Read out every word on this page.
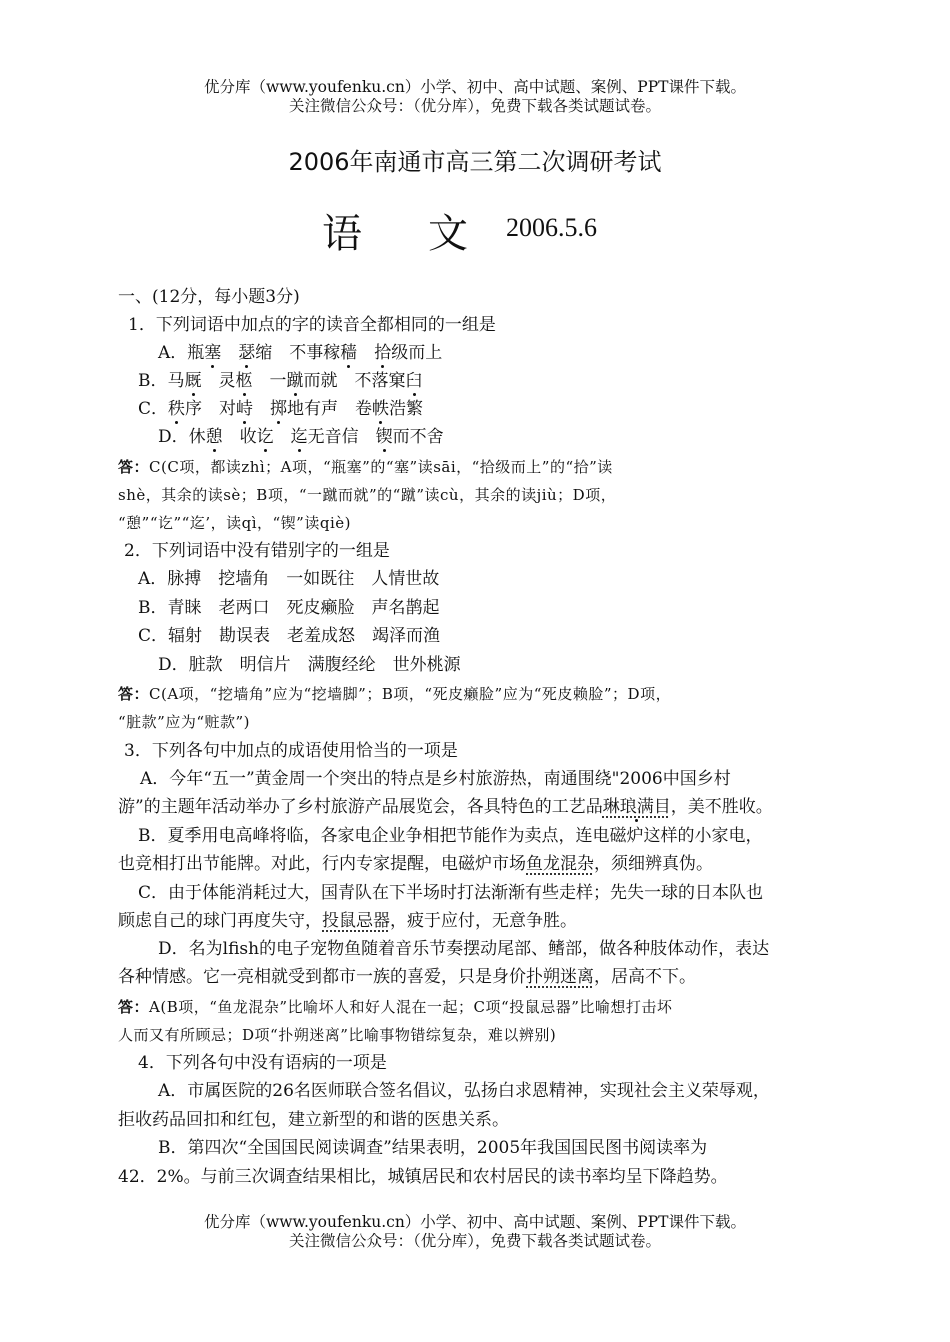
优分库（www.youfenku.cn）小学、初中、高中试题、案例、PPT课件下载。
关注微信公众号：（优分库），免费下载各类试题试卷。
2006年南通市高三第二次调研考试
语 文 2006.5.6
一、(12分，每小题3分)
1．下列词语中加点的字的读音全都相同的一组是
A．瓶塞　 瑟缩　不事稼穑　 拾级而上
B．马厩　灵柩　一蹴而就　不落窠臼
C．秩序　对峙　 掷地有声　卷帙浩繁
D．休憩　收讫　 迄无音信　锲而不舍
答：C(C项，都读zhì；A项，“瓶塞”的“塞”读sāi，“拾级而上”的“拾”读
shè，其余的读sè；B项，“一蹴而就”的“蹴”读cù，其余的读jiù；D项，
“憩”“讫”“迄’，读qì，“锲”读qiè)
2．下列词语中没有错别字的一组是
A．脉搏　挖墙角　一如既往　人情世故
B．青睐　老两口　死皮癞脸　声名鹊起
C．辐射　勘误表　老羞成怒　竭泽而渔
D．脏款　明信片　满腹经纶　世外桃源
答：C(A项，“挖墙角”应为“挖墙脚”；B项，“死皮癞脸”应为“死皮赖脸”；D项，
“脏款”应为“赃款”)
3．下列各句中加点的成语使用恰当的一项是
A．今年“五一”黄金周一个突出的特点是乡村旅游热，南通围绕"2006中国乡村
游”的主题年活动举办了乡村旅游产品展览会，各具特色的工艺品琳琅满目，美不胜收。
B．夏季用电高峰将临，各家电企业争相把节能作为卖点，连电磁炉这样的小家电，
也竞相打出节能牌。对此，行内专家提醒，电磁炉市场鱼龙混杂，须细辨真伪。
C．由于体能消耗过大，国青队在下半场时打法渐渐有些走样；先失一球的日本队也
顾虑自己的球门再度失守，投鼠忌器，疲于应付，无意争胜。
D．名为lfish的电子宠物鱼随着音乐节奏摆动尾部、鳍部，做各种肢体动作，表达
各种情感。它一亮相就受到都市一族的喜爱，只是身价扑朔迷离，居高不下。
答：A(B项，“鱼龙混杂”比喻坏人和好人混在一起；C项“投鼠忌器”比喻想打击坏
人而又有所顾忌；D项“扑朔迷离”比喻事物错综复杂，难以辨别)
4．下列各句中没有语病的一项是
A．市属医院的26名医师联合签名倡议，弘扬白求恩精神，实现社会主义荣辱观，
拒收药品回扣和红包，建立新型的和谐的医患关系。
B．第四次“全国国民阅读调查”结果表明，2005年我国国民图书阅读率为
42．2%。与前三次调查结果相比，城镇居民和农村居民的读书率均呈下降趋势。
优分库（www.youfenku.cn）小学、初中、高中试题、案例、PPT课件下载。
关注微信公众号：（优分库），免费下载各类试题试卷。
